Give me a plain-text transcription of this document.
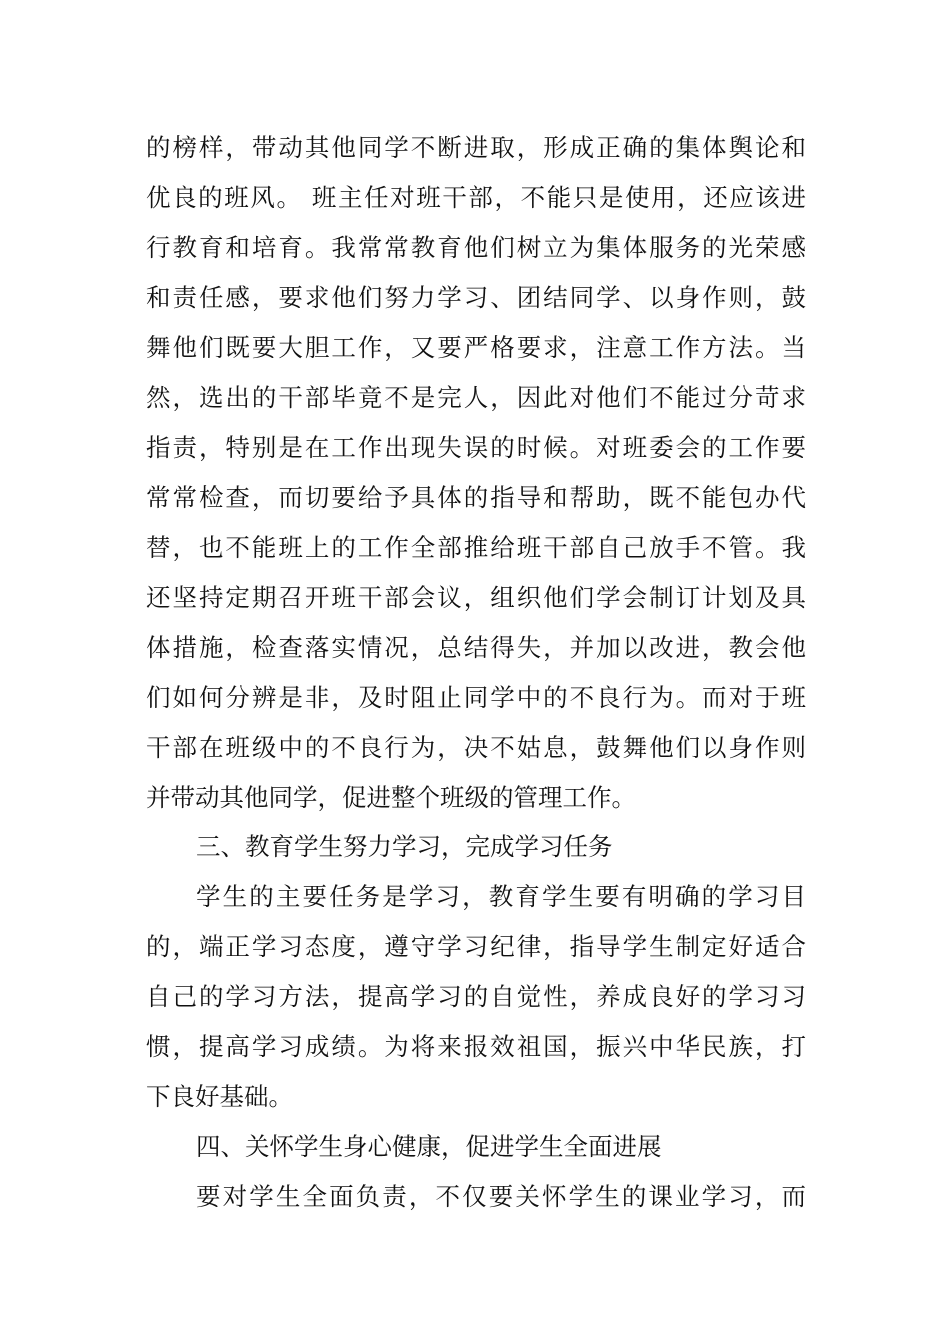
的榜样，带动其他同学不断进取，形成正确的集体舆论和
优良的班风。 班主任对班干部，不能只是使用，还应该进
行教育和培育。我常常教育他们树立为集体服务的光荣感
和责任感，要求他们努力学习、团结同学、以身作则，鼓
舞他们既要大胆工作，又要严格要求，注意工作方法。当
然，选出的干部毕竟不是完人，因此对他们不能过分苛求
指责，特别是在工作出现失误的时候。对班委会的工作要
常常检查，而切要给予具体的指导和帮助，既不能包办代
替，也不能班上的工作全部推给班干部自己放手不管。我
还坚持定期召开班干部会议，组织他们学会制订计划及具
体措施，检查落实情况，总结得失，并加以改进，教会他
们如何分辨是非，及时阻止同学中的不良行为。而对于班
干部在班级中的不良行为，决不姑息，鼓舞他们以身作则
并带动其他同学，促进整个班级的管理工作。
三、教育学生努力学习，完成学习任务
学生的主要任务是学习，教育学生要有明确的学习目
的，端正学习态度，遵守学习纪律，指导学生制定好适合
自己的学习方法，提高学习的自觉性，养成良好的学习习
惯，提高学习成绩。为将来报效祖国，振兴中华民族，打
下良好基础。
四、关怀学生身心健康，促进学生全面进展
要对学生全面负责，不仅要关怀学生的课业学习，而
